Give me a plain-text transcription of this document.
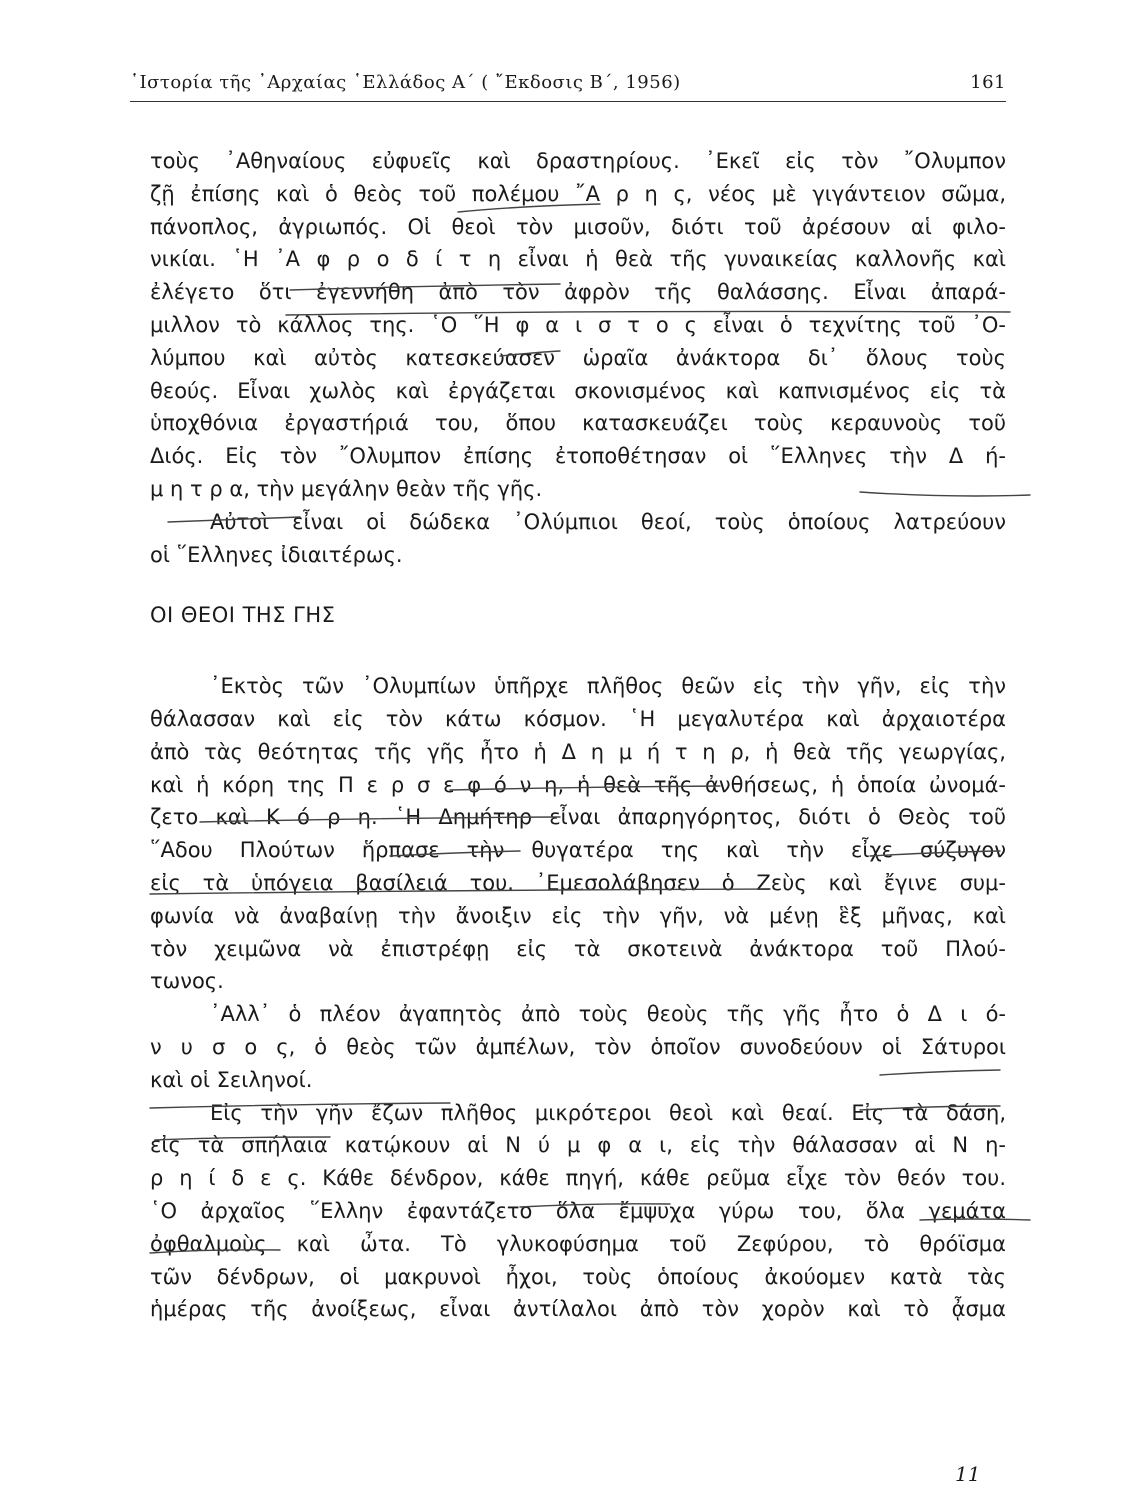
῾Ιστορία τῆς ᾿Αρχαίας ῾Ελλάδος Α΄ ( ῎Εκδοσις Β΄, 1956)	161
τοὺς ᾿Αθηναίους εὐφυεῖς καὶ δραστηρίους. ᾿Εκεῖ εἰς τὸν ῎Ολυμπον
ζῇ ἐπίσης καὶ ὁ θεὸς τοῦ πολέμου ῎Α ρ η ς, νέος μὲ γιγάντειον σῶμα,
πάνοπλος, ἀγριωπός. Οἱ θεοὶ τὸν μισοῦν, διότι τοῦ ἀρέσουν αἱ φιλο-
νικίαι. ῾Η ᾿Α φ ρ ο δ ί τ η εἶναι ἡ θεὰ τῆς γυναικείας καλλονῆς καὶ
ἐλέγετο ὅτι ἐγεννήθη ἀπὸ τὸν ἀφρὸν τῆς θαλάσσης. Εἶναι ἀπαρά-
μιλλον τὸ κάλλος της. ῾Ο ῞Η φ α ι σ τ ο ς εἶναι ὁ τεχνίτης τοῦ ᾿Ο-
λύμπου καὶ αὐτὸς κατεσκεύασεν ὡραῖα ἀνάκτορα δι᾿ ὅλους τοὺς
θεούς. Εἶναι χωλὸς καὶ ἐργάζεται σκονισμένος καὶ καπνισμένος εἰς τὰ
ὑποχθόνια ἐργαστήριά του, ὅπου κατασκευάζει τοὺς κεραυνοὺς τοῦ
Διός. Εἰς τὸν ῎Ολυμπον ἐπίσης ἐτοποθέτησαν οἱ ῞Ελληνες τὴν Δ ή-
μ η τ ρ α, τὴν μεγάλην θεὰν τῆς γῆς.
Αὐτοὶ εἶναι οἱ δώδεκα ᾿Ολύμπιοι θεοί, τοὺς ὁποίους λατρεύουν
οἱ ῞Ελληνες ἰδιαιτέρως.
ΟΙ ΘΕΟΙ ΤΗΣ ΓΗΣ
᾿Εκτὸς τῶν ᾿Ολυμπίων ὑπῆρχε πλῆθος θεῶν εἰς τὴν γῆν, εἰς τὴν
θάλασσαν καὶ εἰς τὸν κάτω κόσμον. ῾Η μεγαλυτέρα καὶ ἀρχαιοτέρα
ἀπὸ τὰς θεότητας τῆς γῆς ἦτο ἡ Δ η μ ή τ η ρ, ἡ θεὰ τῆς γεωργίας,
καὶ ἡ κόρη της Π ε ρ σ ε φ ό ν η, ἡ θεὰ τῆς ἀνθήσεως, ἡ ὁποία ὠνομά-
ζετο καὶ Κ ό ρ η. ῾Η Δημήτηρ εἶναι ἀπαρηγόρητος, διότι ὁ Θεὸς τοῦ
῞Αδου Πλούτων ἥρπασε τὴν θυγατέρα της καὶ τὴν εἶχε σύζυγον
εἰς τὰ ὑπόγεια βασίλειά του. ᾿Εμεσολάβησεν ὁ Ζεὺς καὶ ἔγινε συμ-
φωνία νὰ ἀναβαίνῃ τὴν ἄνοιξιν εἰς τὴν γῆν, νὰ μένῃ ἓξ μῆνας, καὶ
τὸν χειμῶνα νὰ ἐπιστρέφῃ εἰς τὰ σκοτεινὰ ἀνάκτορα τοῦ Πλού-
τωνος.
᾿Αλλ᾿ ὁ πλέον ἀγαπητὸς ἀπὸ τοὺς θεοὺς τῆς γῆς ἦτο ὁ Δ ι ό-
ν υ σ ο ς, ὁ θεὸς τῶν ἀμπέλων, τὸν ὁποῖον συνοδεύουν οἱ Σάτυροι
καὶ οἱ Σειληνοί.
Εἰς τὴν γῆν ἔζων πλῆθος μικρότεροι θεοὶ καὶ θεαί. Εἰς τὰ δάση,
εἰς τὰ σπήλαια κατῴκουν αἱ Ν ύ μ φ α ι, εἰς τὴν θάλασσαν αἱ Ν η-
ρ η ί δ ε ς. Κάθε δένδρον, κάθε πηγή, κάθε ρεῦμα εἶχε τὸν θεόν του.
῾Ο ἀρχαῖος ῞Ελλην ἐφαντάζετο ὅλα ἔμψυχα γύρω του, ὅλα γεμάτα
ὀφθαλμοὺς καὶ ὦτα. Τὸ γλυκοφύσημα τοῦ Ζεφύρου, τὸ θρόϊσμα
τῶν δένδρων, οἱ μακρυνοὶ ἦχοι, τοὺς ὁποίους ἀκούομεν κατὰ τὰς
ἡμέρας τῆς ἀνοίξεως, εἶναι ἀντίλαλοι ἀπὸ τὸν χορὸν καὶ τὸ ᾆσμα
11
